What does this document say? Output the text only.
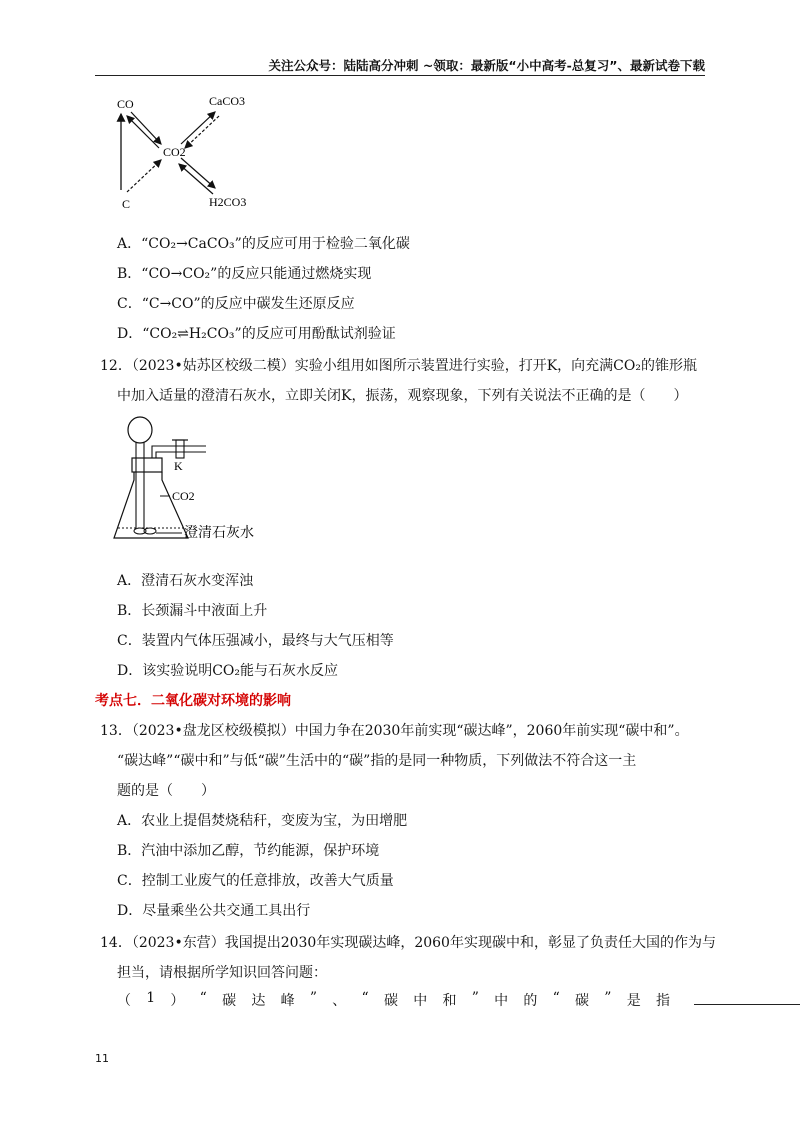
关注公众号：陆陆高分冲刺 ~领取：最新版“小中高考-总复习”、最新试卷下载
CO	CaCO3
CO2
C	H2CO3
A．“CO₂→CaCO₃”的反应可用于检验二氧化碳
B．“CO→CO₂”的反应只能通过燃烧实现
C．“C→CO”的反应中碳发生还原反应
D．“CO₂⇌H₂CO₃”的反应可用酚酞试剂验证
12．（2023•姑苏区校级二模）实验小组用如图所示装置进行实验，打开K，向充满CO₂的锥形瓶
中加入适量的澄清石灰水，立即关闭K，振荡，观察现象，下列有关说法不正确的是（　　）
K
CO2
澄清石灰水
A．澄清石灰水变浑浊
B．长颈漏斗中液面上升
C．装置内气体压强减小，最终与大气压相等
D．该实验说明CO₂能与石灰水反应
考点七．二氧化碳对环境的影响
13．（2023•盘龙区校级模拟）中国力争在2030年前实现“碳达峰”，2060年前实现“碳中和”。
“碳达峰”“碳中和”与低“碳”生活中的“碳”指的是同一种物质，下列做法不符合这一主
题的是（　　）
A．农业上提倡焚烧秸秆，变废为宝，为田增肥
B．汽油中添加乙醇，节约能源，保护环境
C．控制工业废气的任意排放，改善大气质量
D．尽量乘坐公共交通工具出行
14．（2023•东营）我国提出2030年实现碳达峰，2060年实现碳中和，彰显了负责任大国的作为与
担当，请根据所学知识回答问题：
（ 1 ） “ 碳 达 峰 ” 、 “ 碳 中 和 ” 中 的 “ 碳 ” 是 指
11
